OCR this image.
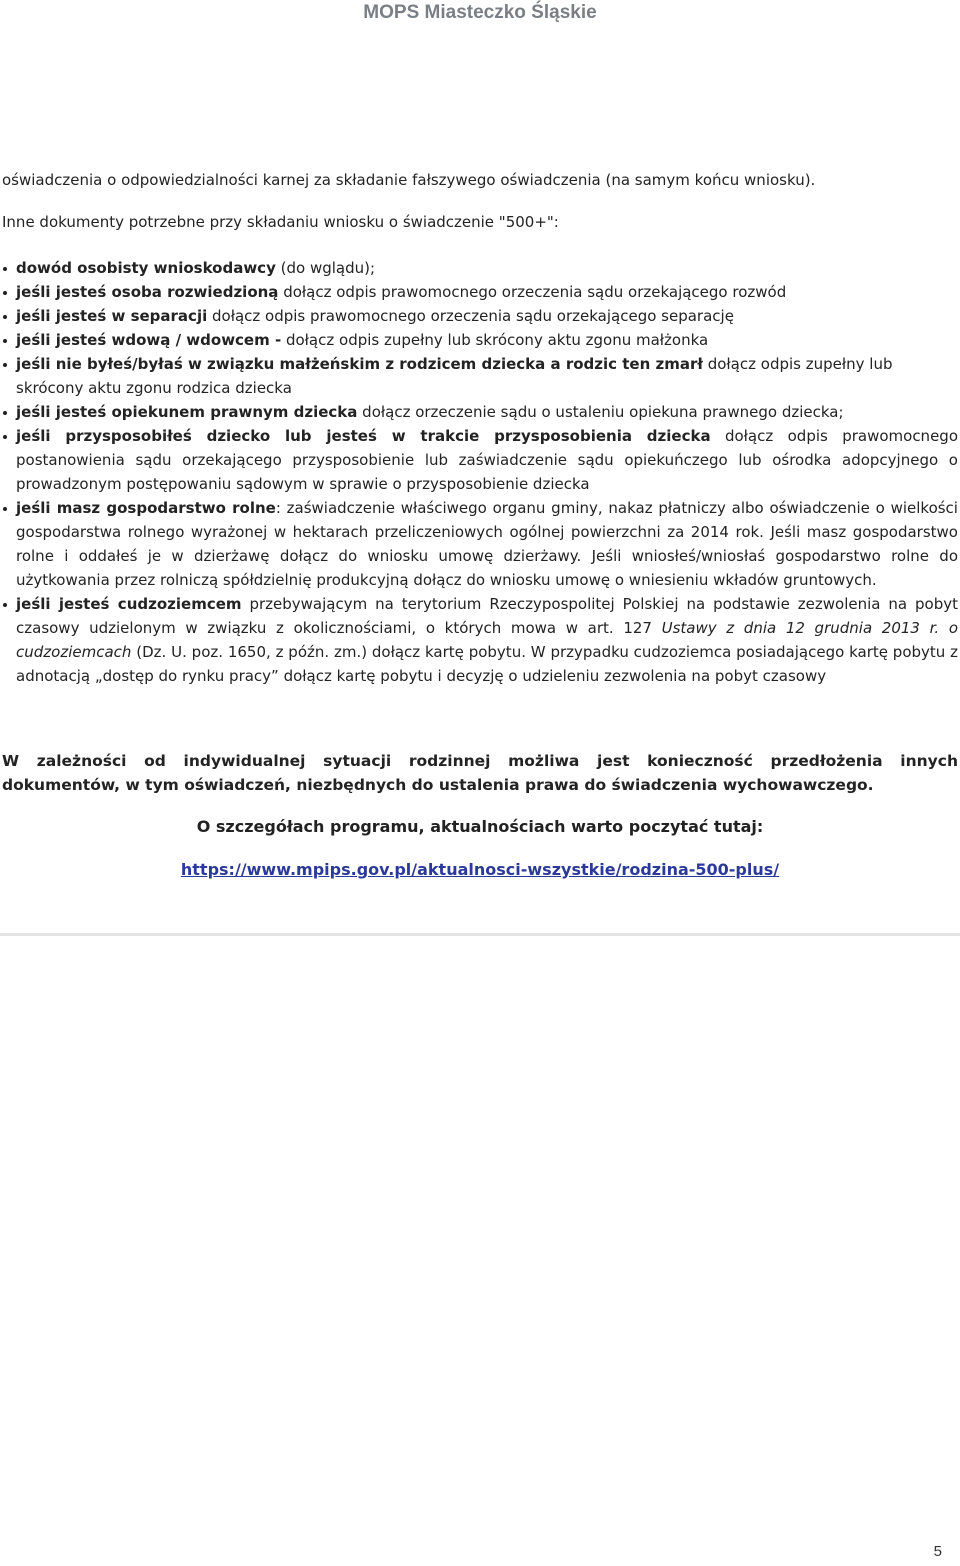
MOPS Miasteczko Śląskie

oświadczenia o odpowiedzialności karnej za składanie fałszywego oświadczenia (na samym końcu wniosku).

Inne dokumenty potrzebne przy składaniu wniosku o świadczenie "500+":

dowód osobisty wnioskodawcy (do wglądu);
jeśli jesteś osoba rozwiedzioną dołącz odpis prawomocnego orzeczenia sądu orzekającego rozwód
jeśli jesteś w separacji dołącz odpis prawomocnego orzeczenia sądu orzekającego separację
jeśli jesteś wdową / wdowcem - dołącz odpis zupełny lub skrócony aktu zgonu małżonka
jeśli nie byłeś/byłaś w związku małżeńskim z rodzicem dziecka a rodzic ten zmarł dołącz odpis zupełny lub skrócony aktu zgonu rodzica dziecka
jeśli jesteś opiekunem prawnym dziecka dołącz orzeczenie sądu o ustaleniu opiekuna prawnego dziecka;
jeśli przysposobiłeś dziecko lub jesteś w trakcie przysposobienia dziecka dołącz odpis prawomocnego postanowienia sądu orzekającego przysposobienie lub zaświadczenie sądu opiekuńczego lub ośrodka adopcyjnego o prowadzonym postępowaniu sądowym w sprawie o przysposobienie dziecka
jeśli masz gospodarstwo rolne: zaświadczenie właściwego organu gminy, nakaz płatniczy albo oświadczenie o wielkości gospodarstwa rolnego wyrażonej w hektarach przeliczeniowych ogólnej powierzchni za 2014 rok. Jeśli masz gospodarstwo rolne i oddałeś je w dzierżawę dołącz do wniosku umowę dzierżawy. Jeśli wniosłeś/wniosłaś gospodarstwo rolne do użytkowania przez rolniczą spółdzielnię produkcyjną dołącz do wniosku umowę o wniesieniu wkładów gruntowych.
jeśli jesteś cudzoziemcem przebywającym na terytorium Rzeczypospolitej Polskiej na podstawie zezwolenia na pobyt czasowy udzielonym w związku z okolicznościami, o których mowa w art. 127 Ustawy z dnia 12 grudnia 2013 r. o cudzoziemcach (Dz. U. poz. 1650, z późn. zm.) dołącz kartę pobytu. W przypadku cudzoziemca posiadającego kartę pobytu z adnotacją „dostęp do rynku pracy” dołącz kartę pobytu i decyzję o udzieleniu zezwolenia na pobyt czasowy
W zależności od indywidualnej sytuacji rodzinnej możliwa jest konieczność przedłożenia innych dokumentów, w tym oświadczeń, niezbędnych do ustalenia prawa do świadczenia wychowawczego.
O szczegółach programu, aktualnościach warto poczytać tutaj:
https://www.mpips.gov.pl/aktualnosci-wszystkie/rodzina-500-plus/
5
